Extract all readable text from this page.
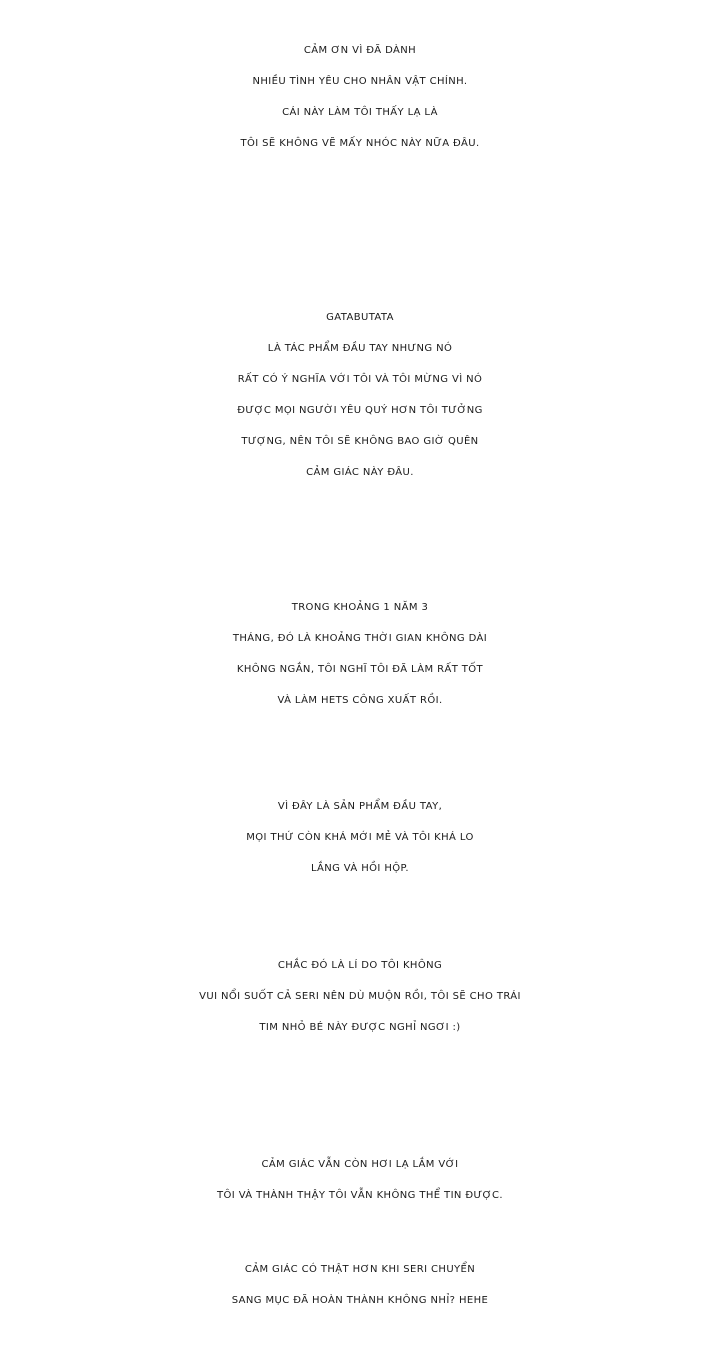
CẢM ƠN VÌ ĐÃ DÀNH
NHIỀU TÌNH YÊU CHO NHÂN VẬT CHÍNH.
CÁI NÀY LÀM TÔI THẤY LẠ LÀ
TÔI SẼ KHÔNG VẼ MẤY NHÓC NÀY NỮA ĐÂU.
GATABUTATA
LÀ TÁC PHẨM ĐẦU TAY NHƯNG NÓ
RẤT CÓ Ý NGHĨA VỚI TÔI VÀ TÔI MỪNG VÌ NÓ
ĐƯỢC MỌI NGƯỜI YÊU QUÝ HƠN TÔI TƯỞNG
TƯỢNG, NÊN TÔI SẼ KHÔNG BAO GIỜ QUÊN
CẢM GIÁC NÀY ĐÂU.
TRONG KHOẢNG 1 NĂM 3
THÁNG, ĐÓ LÀ KHOẢNG THỜI GIAN KHÔNG DÀI
KHÔNG NGẮN, TÔI NGHĨ TÔI ĐÃ LÀM RẤT TỐT
VÀ LÀM HETS CÔNG XUẤT RỒI.
VÌ ĐÂY LÀ SẢN PHẨM ĐẦU TAY,
MỌI THỨ CÒN KHÁ MỚI MẺ VÀ TÔI KHÁ LO
LẮNG VÀ HỒI HỘP.
CHẮC ĐÓ LÀ LÍ DO TÔI KHÔNG
VUI NỔI SUỐT CẢ SERI NÊN DÙ MUỘN RỒI, TÔI SẼ CHO TRÁI
TIM NHỎ BÉ NÀY ĐƯỢC NGHỈ NGƠI :)
CẢM GIÁC VẪN CÒN HƠI LẠ LẮM VỚI
TÔI VÀ THÀNH THẬY TÔI VẪN KHÔNG THỂ TIN ĐƯỢC.
CẢM GIÁC CÓ THẬT HƠN KHI SERI CHUYỂN
SANG MỤC ĐÃ HOÀN THÀNH KHÔNG NHỈ? HEHE
